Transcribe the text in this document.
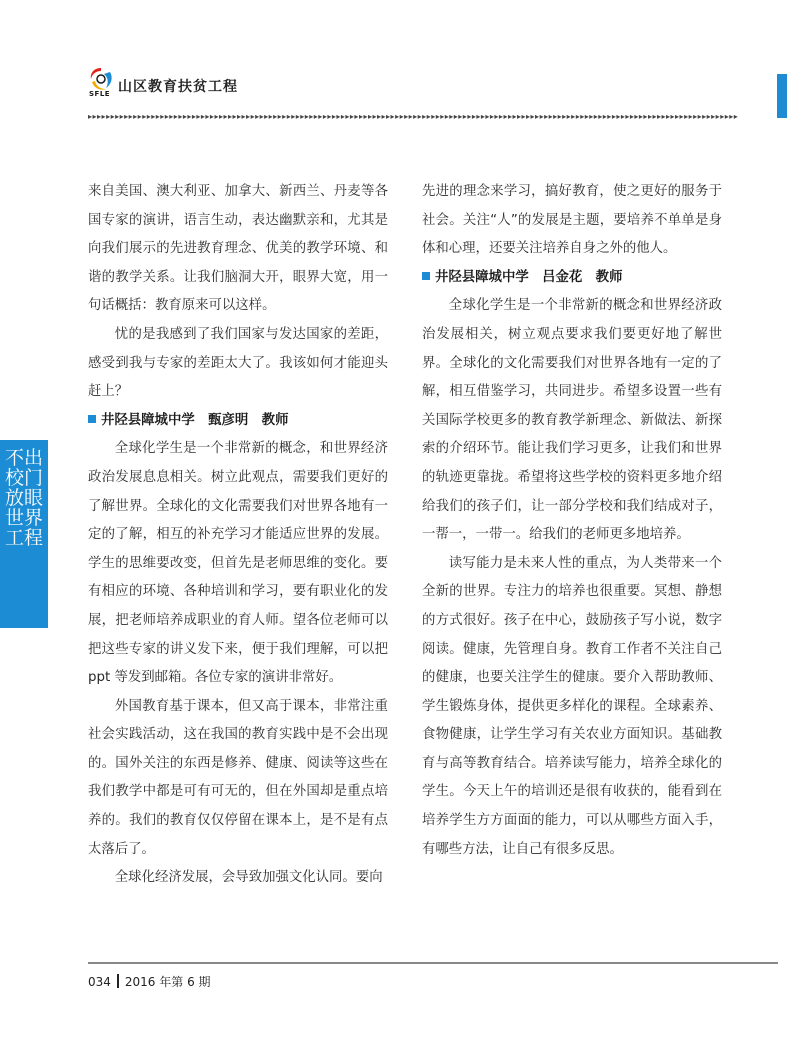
SFLE 山区教育扶贫工程
▸▸▸▸▸▸▸▸▸▸▸▸▸▸▸▸▸▸▸▸▸▸▸▸▸▸▸▸▸▸▸▸▸▸▸▸▸▸▸▸▸▸▸▸▸▸▸▸▸▸▸▸▸▸▸▸▸▸▸▸▸▸▸▸▸▸▸▸▸▸▸▸▸▸▸▸▸▸▸▸▸▸▸▸▸▸▸▸▸▸▸▸▸▸▸▸▸▸▸▸▸▸▸▸▸▸▸▸▸▸▸▸▸▸▸▸▸▸▸▸▸▸▸▸▸▸▸▸▸▸▸▸▸▸▸▸▸▸▸▸▸▸▸▸
不出校门放眼世界工程

来自美国、澳大利亚、加拿大、新西兰、丹麦等各国专家的演讲，语言生动，表达幽默亲和，尤其是向我们展示的先进教育理念、优美的教学环境、和谐的教学关系。让我们脑洞大开，眼界大宽，用一句话概括：教育原来可以这样。

忧的是我感到了我们国家与发达国家的差距，感受到我与专家的差距太大了。我该如何才能迎头赶上？

井陉县障城中学　甄彦明　教师

全球化学生是一个非常新的概念，和世界经济政治发展息息相关。树立此观点，需要我们更好的了解世界。全球化的文化需要我们对世界各地有一定的了解，相互的补充学习才能适应世界的发展。学生的思维要改变，但首先是老师思维的变化。要有相应的环境、各种培训和学习，要有职业化的发展，把老师培养成职业的育人师。望各位老师可以把这些专家的讲义发下来，便于我们理解，可以把 ppt 等发到邮箱。各位专家的演讲非常好。

外国教育基于课本，但又高于课本，非常注重社会实践活动，这在我国的教育实践中是不会出现的。国外关注的东西是修养、健康、阅读等这些在我们教学中都是可有可无的，但在外国却是重点培养的。我们的教育仅仅停留在课本上，是不是有点太落后了。

全球化经济发展，会导致加强文化认同。要向

先进的理念来学习，搞好教育，使之更好的服务于社会。关注“人”的发展是主题，要培养不单单是身体和心理，还要关注培养自身之外的他人。

井陉县障城中学　吕金花　教师

全球化学生是一个非常新的概念和世界经济政治发展相关，树立观点要求我们要更好地了解世界。全球化的文化需要我们对世界各地有一定的了解，相互借鉴学习，共同进步。希望多设置一些有关国际学校更多的教育教学新理念、新做法、新探索的介绍环节。能让我们学习更多，让我们和世界的轨迹更靠拢。希望将这些学校的资料更多地介绍给我们的孩子们，让一部分学校和我们结成对子，一帮一，一带一。给我们的老师更多地培养。

读写能力是未来人性的重点，为人类带来一个全新的世界。专注力的培养也很重要。冥想、静想的方式很好。孩子在中心，鼓励孩子写小说，数字阅读。健康，先管理自身。教育工作者不关注自己的健康，也要关注学生的健康。要介入帮助教师、学生锻炼身体，提供更多样化的课程。全球素养、食物健康，让学生学习有关农业方面知识。基础教育与高等教育结合。培养读写能力，培养全球化的学生。今天上午的培训还是很有收获的，能看到在培养学生方方面面的能力，可以从哪些方面入手，有哪些方法，让自己有很多反思。

034 2016 年第 6 期
